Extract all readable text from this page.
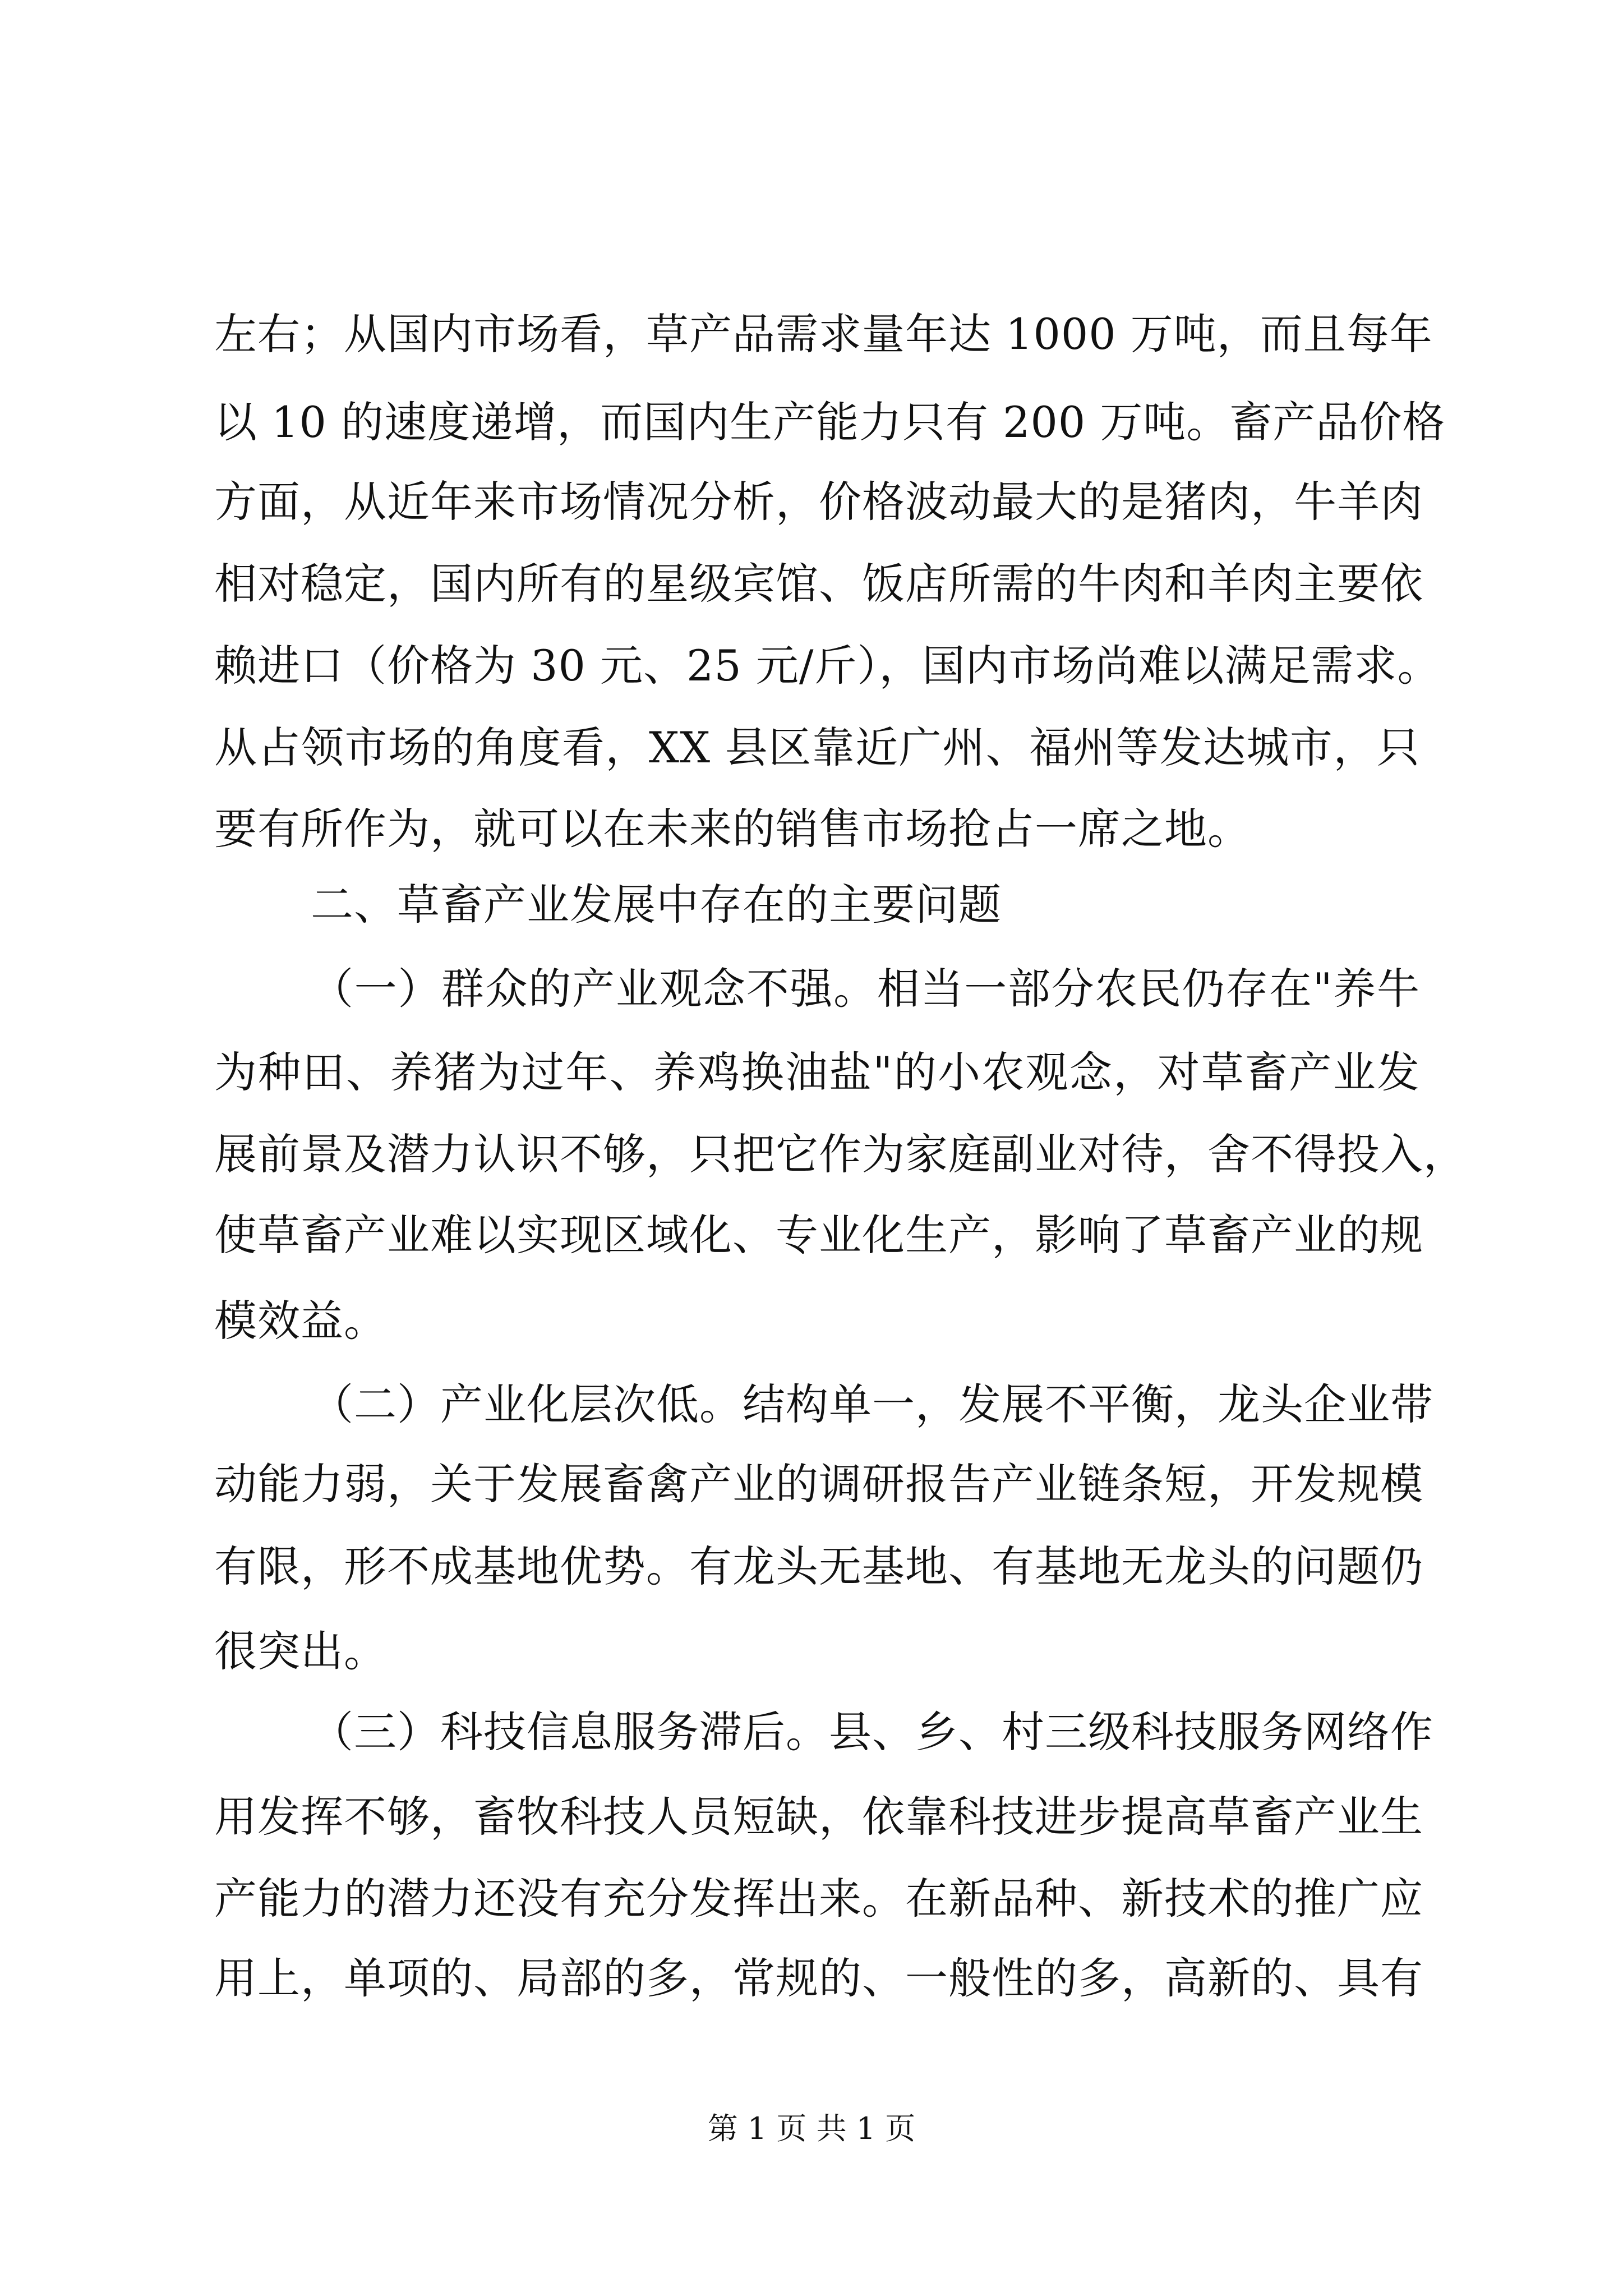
左右；从国内市场看，草产品需求量年达 1000 万吨，而且每年
以 10 的速度递增，而国内生产能力只有 200 万吨。畜产品价格
方面，从近年来市场情况分析，价格波动最大的是猪肉，牛羊肉
相对稳定，国内所有的星级宾馆、饭店所需的牛肉和羊肉主要依
赖进口（价格为 30 元、25 元/斤），国内市场尚难以满足需求。
从占领市场的角度看，XX 县区靠近广州、福州等发达城市，只
要有所作为，就可以在未来的销售市场抢占一席之地。
二、草畜产业发展中存在的主要问题
（一）群众的产业观念不强。相当一部分农民仍存在"养牛
为种田、养猪为过年、养鸡换油盐"的小农观念，对草畜产业发
展前景及潜力认识不够，只把它作为家庭副业对待，舍不得投入，
使草畜产业难以实现区域化、专业化生产，影响了草畜产业的规
模效益。
（二）产业化层次低。结构单一，发展不平衡，龙头企业带
动能力弱，关于发展畜禽产业的调研报告产业链条短，开发规模
有限，形不成基地优势。有龙头无基地、有基地无龙头的问题仍
很突出。
（三）科技信息服务滞后。县、乡、村三级科技服务网络作
用发挥不够，畜牧科技人员短缺，依靠科技进步提高草畜产业生
产能力的潜力还没有充分发挥出来。在新品种、新技术的推广应
用上，单项的、局部的多，常规的、一般性的多，高新的、具有
第 1 页 共 1 页
